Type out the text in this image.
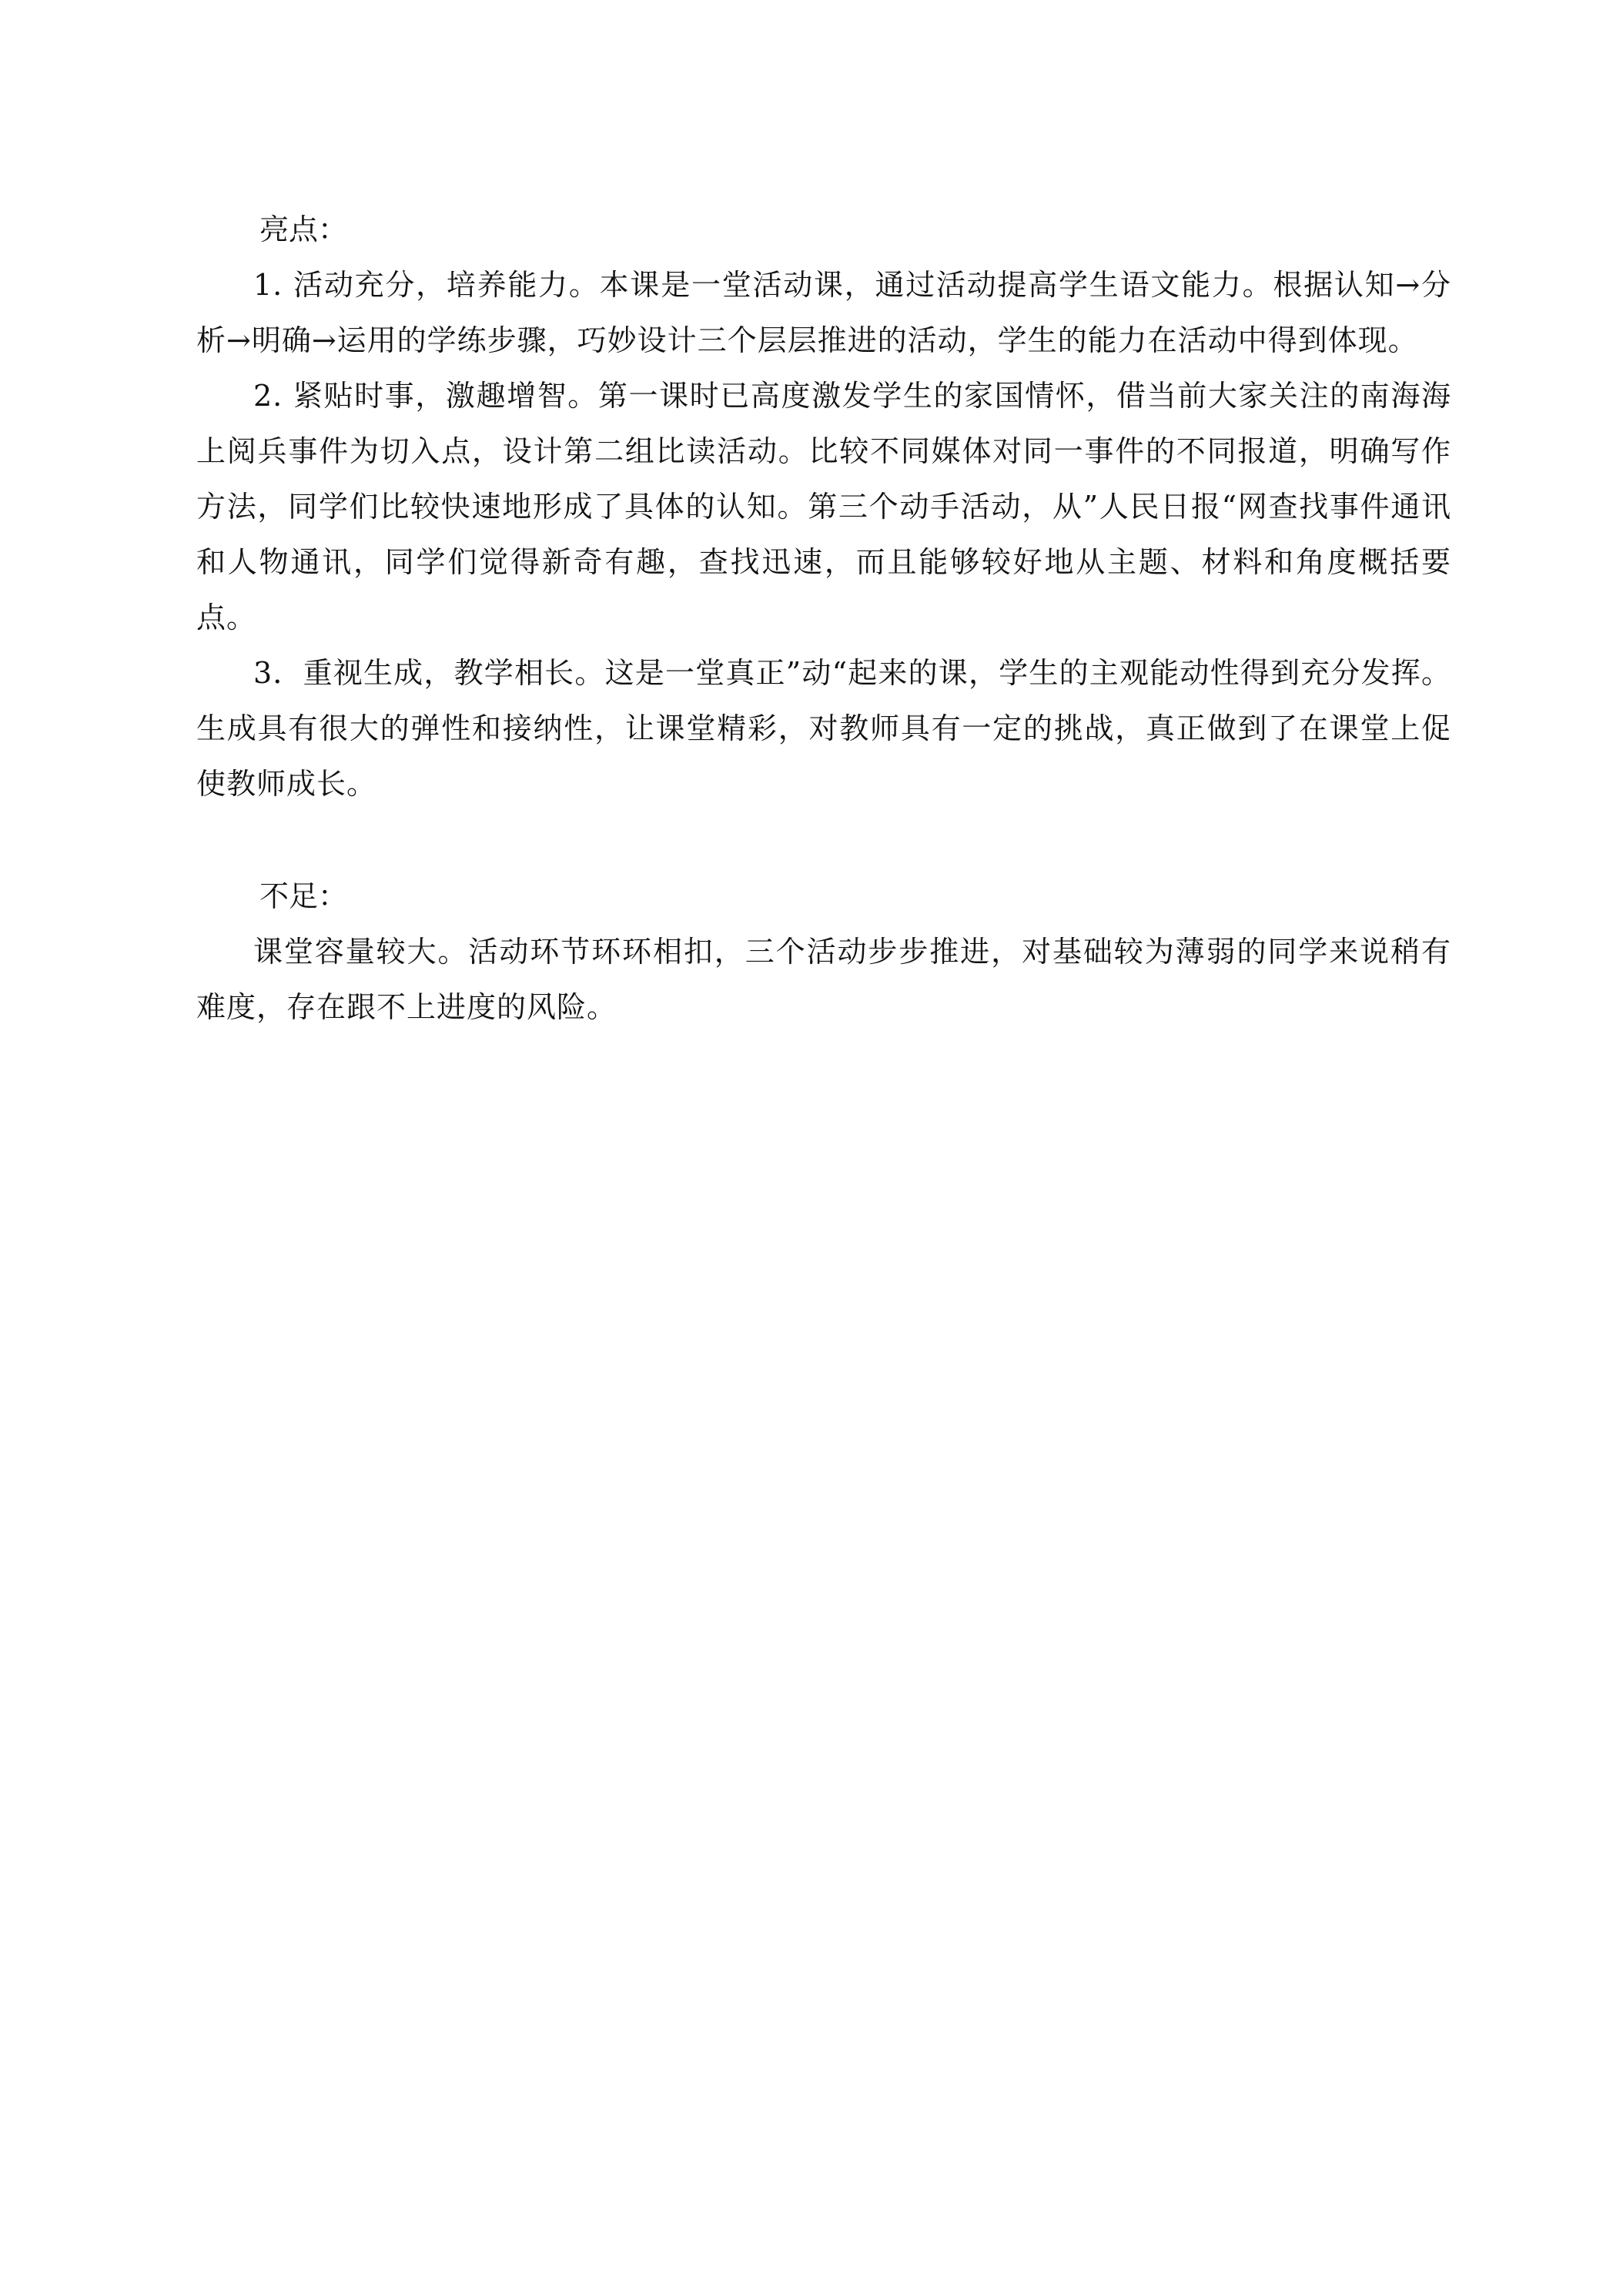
亮点：

1. 活动充分，培养能力。本课是一堂活动课，通过活动提高学生语文能力。根据认知→分析→明确→运用的学练步骤，巧妙设计三个层层推进的活动，学生的能力在活动中得到体现。

2. 紧贴时事，激趣增智。第一课时已高度激发学生的家国情怀，借当前大家关注的南海海上阅兵事件为切入点，设计第二组比读活动。比较不同媒体对同一事件的不同报道，明确写作方法，同学们比较快速地形成了具体的认知。第三个动手活动，从”人民日报“网查找事件通讯和人物通讯，同学们觉得新奇有趣，查找迅速，而且能够较好地从主题、材料和角度概括要点。

3．重视生成，教学相长。这是一堂真正”动“起来的课，学生的主观能动性得到充分发挥。生成具有很大的弹性和接纳性，让课堂精彩，对教师具有一定的挑战，真正做到了在课堂上促使教师成长。

不足：

课堂容量较大。活动环节环环相扣，三个活动步步推进，对基础较为薄弱的同学来说稍有难度，存在跟不上进度的风险。
